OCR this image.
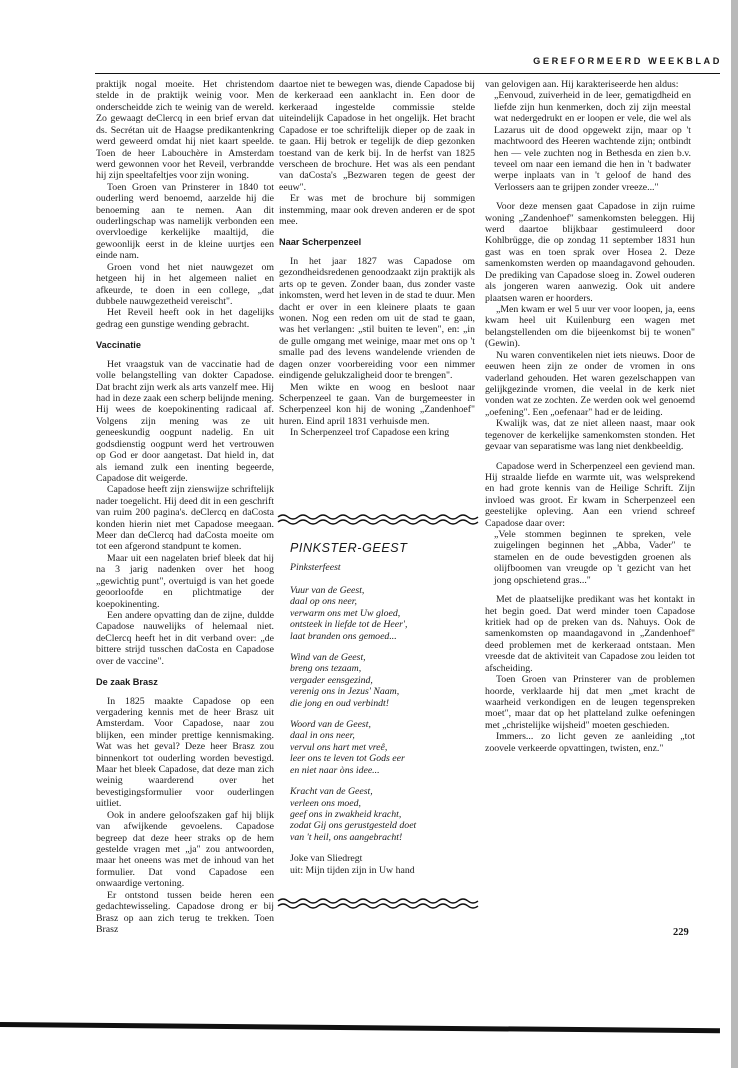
GEREFORMEERD WEEKBLAD

praktijk nogal moeite. Het christendom stelde in de praktijk weinig voor. Men onderscheidde zich te weinig van de wereld. Zo gewaagt deClercq in een brief ervan dat ds. Secrétan uit de Haagse predikantenkring werd geweerd omdat hij niet kaart speelde. Toen de heer Labouchère in Amsterdam werd gewonnen voor het Reveil, verbrandde hij zijn speeltafeltjes voor zijn woning.

Toen Groen van Prinsterer in 1840 tot ouderling werd benoemd, aarzelde hij die benoeming aan te nemen. Aan dit ouderlingschap was namelijk verbonden een overvloedige kerkelijke maaltijd, die gewoonlijk eerst in de kleine uurtjes een einde nam.

Groen vond het niet nauwgezet om hetgeen hij in het algemeen naliet en afkeurde, te doen in een college, „dat dubbele nauwgezetheid vereischt".

Het Reveil heeft ook in het dagelijks gedrag een gunstige wending gebracht.

Vaccinatie

Het vraagstuk van de vaccinatie had de volle belangstelling van dokter Capadose. Dat bracht zijn werk als arts vanzelf mee. Hij had in deze zaak een scherp belijnde mening. Hij wees de koepokinenting radicaal af. Volgens zijn mening was ze uit geneeskundig oogpunt nadelig. En uit godsdienstig oogpunt werd het vertrouwen op God er door aangetast. Dat hield in, dat als iemand zulk een inenting begeerde, Capadose dit weigerde.

Capadose heeft zijn zienswijze schriftelijk nader toegelicht. Hij deed dit in een geschrift van ruim 200 pagina's. deClercq en daCosta konden hierin niet met Capadose meegaan. Meer dan deClercq had daCosta moeite om tot een afgerond standpunt te komen.

Maar uit een nagelaten brief bleek dat hij na 3 jarig nadenken over het hoog „gewichtig punt", overtuigd is van het goede geoorloofde en plichtmatige der koepokinenting.

Een andere opvatting dan de zijne, duldde Capadose nauwelijks of helemaal niet. deClercq heeft het in dit verband over: „de bittere strijd tusschen daCosta en Capadose over de vaccine".

De zaak Brasz

In 1825 maakte Capadose op een vergadering kennis met de heer Brasz uit Amsterdam. Voor Capadose, naar zou blijken, een minder prettige kennismaking. Wat was het geval? Deze heer Brasz zou binnenkort tot ouderling worden bevestigd. Maar het bleek Capadose, dat deze man zich weinig waarderend over het bevestigingsformulier voor ouderlingen uitliet.

Ook in andere geloofszaken gaf hij blijk van afwijkende gevoelens. Capadose begreep dat deze heer straks op de hem gestelde vragen met „ja" zou antwoorden, maar het oneens was met de inhoud van het formulier. Dat vond Capadose een onwaardige vertoning.

Er ontstond tussen beide heren een gedachtewisseling. Capadose drong er bij Brasz op aan zich terug te trekken. Toen Brasz

daartoe niet te bewegen was, diende Capadose bij de kerkeraad een aanklacht in. Een door de kerkeraad ingestelde commissie stelde uiteindelijk Capadose in het ongelijk. Het bracht Capadose er toe schriftelijk dieper op de zaak in te gaan. Hij betrok er tegelijk de diep gezonken toestand van de kerk bij. In de herfst van 1825 verscheen de brochure. Het was als een pendant van daCosta's „Bezwaren tegen de geest der eeuw".

Er was met de brochure bij sommigen instemming, maar ook dreven anderen er de spot mee.

Naar Scherpenzeel

In het jaar 1827 was Capadose om gezondheidsredenen genoodzaakt zijn praktijk als arts op te geven. Zonder baan, dus zonder vaste inkomsten, werd het leven in de stad te duur. Men dacht er over in een kleinere plaats te gaan wonen. Nog een reden om uit de stad te gaan, was het verlangen: „stil buiten te leven", en: „in de gulle omgang met weinige, maar met ons op 't smalle pad des levens wandelende vrienden de dagen onzer voorbereiding voor een nimmer eindigende gelukzaligheid door te brengen".

Men wikte en woog en besloot naar Scherpenzeel te gaan. Van de burgemeester in Scherpenzeel kon hij de woning „Zandenhoef" huren. Eind april 1831 verhuisde men.

In Scherpenzeel trof Capadose een kring

PINKSTER-GEEST

Pinksterfeest

Vuur van de Geest,

daal op ons neer,

verwarm ons met Uw gloed,

ontsteek in liefde tot de Heer',

laat branden ons gemoed...

Wind van de Geest,

breng ons tezaam,

vergader eensgezind,

verenig ons in Jezus' Naam,

die jong en oud verbindt!

Woord van de Geest,

daal in ons neer,

vervul ons hart met vreê,

leer ons te leven tot Gods eer

en niet naar òns idee...

Kracht van de Geest,

verleen ons moed,

geef ons in zwakheid kracht,

zodat Gij ons gerustgesteld doet

van 't heil, ons aangebracht!

Joke van Sliedregt

uit: Mijn tijden zijn in Uw hand

van gelovigen aan. Hij karakteriseerde hen aldus:

„Eenvoud, zuiverheid in de leer, gematigdheid en liefde zijn hun kenmerken, doch zij zijn meestal wat nedergedrukt en er loopen er vele, die wel als Lazarus uit de dood opgewekt zijn, maar op 't machtwoord des Heeren wachtende zijn; ontbindt hen — vele zuchten nog in Bethesda en zien b.v. teveel om naar een iemand die hen in 't badwater werpe inplaats van in 't geloof de hand des Verlossers aan te grijpen zonder vreeze..."

Voor deze mensen gaat Capadose in zijn ruime woning „Zandenhoef" samenkomsten beleggen. Hij werd daartoe blijkbaar gestimuleerd door Kohlbrügge, die op zondag 11 september 1831 hun gast was en toen sprak over Hosea 2. Deze samenkomsten werden op maandagavond gehouden. De prediking van Capadose sloeg in. Zowel ouderen als jongeren waren aanwezig. Ook uit andere plaatsen waren er hoorders.

„Men kwam er wel 5 uur ver voor loopen, ja, eens kwam heel uit Kuilenburg een wagen met belangstellenden om die bijeenkomst bij te wonen" (Gewin).

Nu waren conventikelen niet iets nieuws. Door de eeuwen heen zijn ze onder de vromen in ons vaderland gehouden. Het waren gezelschappen van gelijkgezinde vromen, die veelal in de kerk niet vonden wat ze zochten. Ze werden ook wel genoemd „oefening". Een „oefenaar" had er de leiding.

Kwalijk was, dat ze niet alleen naast, maar ook tegenover de kerkelijke samenkomsten stonden. Het gevaar van separatisme was lang niet denkbeeldig.

Capadose werd in Scherpenzeel een geviend man. Hij straalde liefde en warmte uit, was welsprekend en had grote kennis van de Heilige Schrift. Zijn invloed was groot. Er kwam in Scherpenzeel een geestelijke opleving. Aan een vriend schreef Capadose daar over:

„Vele stommen beginnen te spreken, vele zuigelingen beginnen het „Abba, Vader" te stamelen en de oude bevestigden groenen als olijfboomen van vreugde op 't gezicht van het jong opschietend gras..."

Met de plaatselijke predikant was het kontakt in het begin goed. Dat werd minder toen Capadose kritiek had op de preken van ds. Nahuys. Ook de samenkomsten op maandagavond in „Zandenhoef" deed problemen met de kerkeraad ontstaan. Men vreesde dat de aktiviteit van Capadose zou leiden tot afscheiding.

Toen Groen van Prinsterer van de problemen hoorde, verklaarde hij dat men „met kracht de waarheid verkondigen en de leugen tegenspreken moet", maar dat op het platteland zulke oefeningen met „christelijke wijsheid" moeten geschieden.

Immers... zo licht geven ze aanleiding „tot zoovele verkeerde opvattingen, twisten, enz."

229
